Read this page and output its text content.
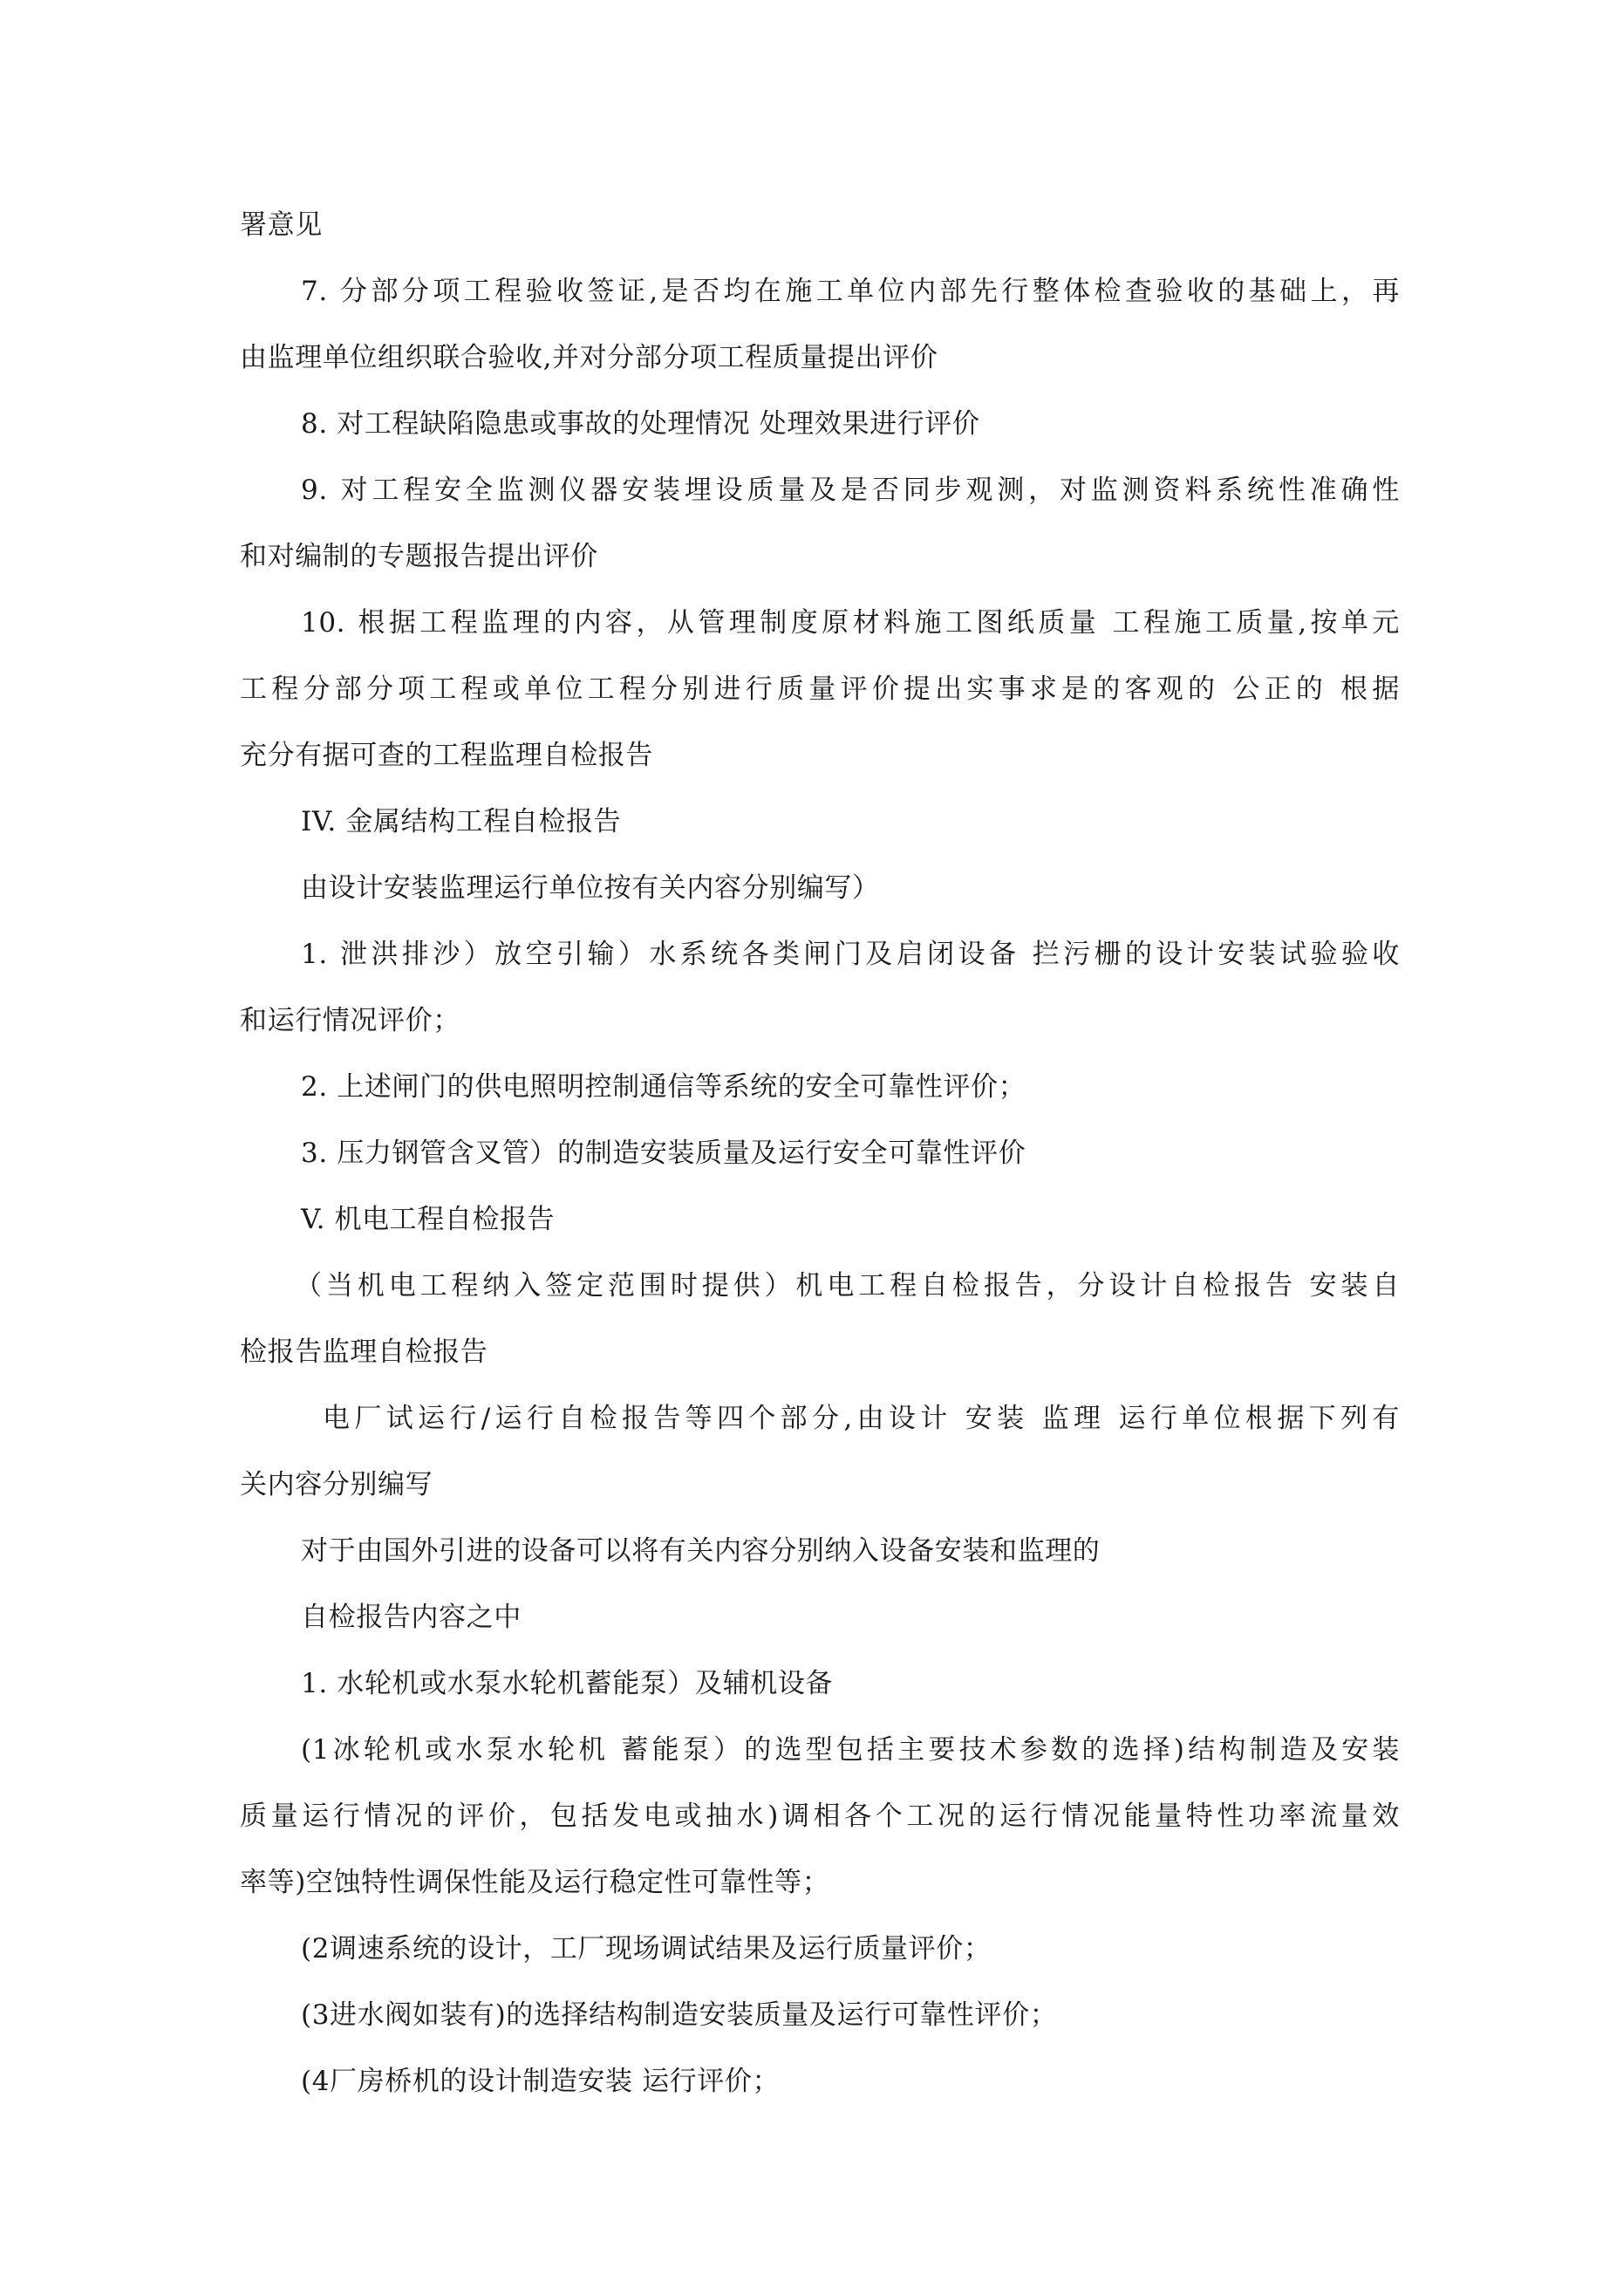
署意见
7. 分部分项工程验收签证,是否均在施工单位内部先行整体检查验收的基础上，再
由监理单位组织联合验收,并对分部分项工程质量提出评价
8. 对工程缺陷隐患或事故的处理情况 处理效果进行评价
9. 对工程安全监测仪器安装埋设质量及是否同步观测，对监测资料系统性准确性
和对编制的专题报告提出评价
10. 根据工程监理的内容，从管理制度原材料施工图纸质量 工程施工质量,按单元
工程分部分项工程或单位工程分别进行质量评价提出实事求是的客观的 公正的 根据
充分有据可查的工程监理自检报告
IV. 金属结构工程自检报告
由设计安装监理运行单位按有关内容分别编写）
1. 泄洪排沙）放空引输）水系统各类闸门及启闭设备 拦污栅的设计安装试验验收
和运行情况评价；
2. 上述闸门的供电照明控制通信等系统的安全可靠性评价；
3. 压力钢管含叉管）的制造安装质量及运行安全可靠性评价
V. 机电工程自检报告
（当机电工程纳入签定范围时提供）机电工程自检报告，分设计自检报告 安装自
检报告监理自检报告
电厂试运行/运行自检报告等四个部分,由设计 安装 监理 运行单位根据下列有
关内容分别编写
对于由国外引进的设备可以将有关内容分别纳入设备安装和监理的
自检报告内容之中
1. 水轮机或水泵水轮机蓄能泵）及辅机设备
(1冰轮机或水泵水轮机 蓄能泵）的选型包括主要技术参数的选择)结构制造及安装
质量运行情况的评价，包括发电或抽水)调相各个工况的运行情况能量特性功率流量效
率等)空蚀特性调保性能及运行稳定性可靠性等；
(2调速系统的设计，工厂现场调试结果及运行质量评价；
(3进水阀如装有)的选择结构制造安装质量及运行可靠性评价；
(4厂房桥机的设计制造安装 运行评价；
